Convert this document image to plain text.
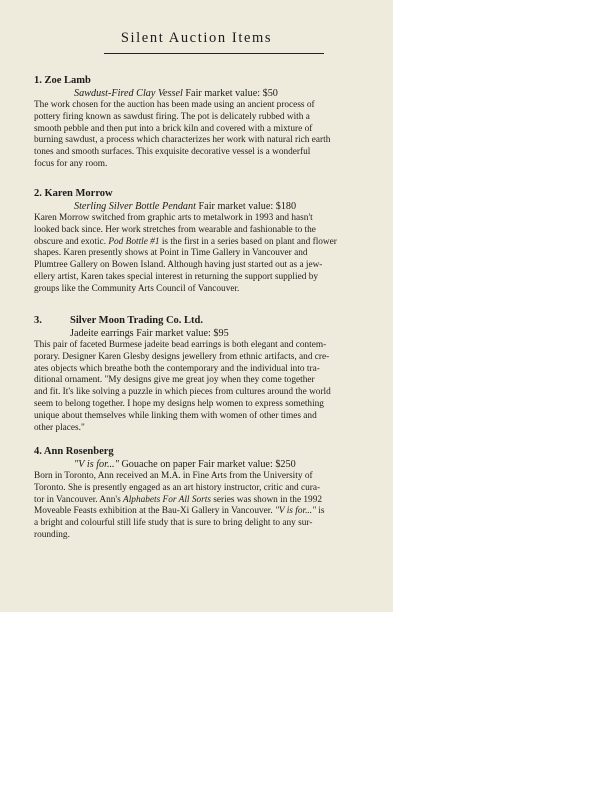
Silent Auction Items
1. Zoe Lamb
Sawdust-Fired Clay Vessel Fair market value: $50

The work chosen for the auction has been made using an ancient process of
pottery firing known as sawdust firing. The pot is delicately rubbed with a
smooth pebble and then put into a brick kiln and covered with a mixture of
burning sawdust, a process which characterizes her work with natural rich earth
tones and smooth surfaces. This exquisite decorative vessel is a wonderful
focus for any room.

2. Karen Morrow
Sterling Silver Bottle Pendant Fair market value: $180

Karen Morrow switched from graphic arts to metalwork in 1993 and hasn't
looked back since. Her work stretches from wearable and fashionable to the
obscure and exotic. Pod Bottle #1 is the first in a series based on plant and flower
shapes. Karen presently shows at Point in Time Gallery in Vancouver and
Plumtree Gallery on Bowen Island. Although having just started out as a jew-
ellery artist, Karen takes special interest in returning the support supplied by
groups like the Community Arts Council of Vancouver.

3.	Silver Moon Trading Co. Ltd.
Jadeite earrings Fair market value: $95

This pair of faceted Burmese jadeite bead earrings is both elegant and contem-
porary. Designer Karen Glesby designs jewellery from ethnic artifacts, and cre-
ates objects which breathe both the contemporary and the individual into tra-
ditional ornament. "My designs give me great joy when they come together
and fit. It's like solving a puzzle in which pieces from cultures around the world
seem to belong together. I hope my designs help women to express something
unique about themselves while linking them with women of other times and
other places."

4. Ann Rosenberg
"V is for..." Gouache on paper Fair market value: $250

Born in Toronto, Ann received an M.A. in Fine Arts from the University of
Toronto. She is presently engaged as an art history instructor, critic and cura-
tor in Vancouver. Ann's Alphabets For All Sorts series was shown in the 1992
Moveable Feasts exhibition at the Bau-Xi Gallery in Vancouver. "V is for..." is
a bright and colourful still life study that is sure to bring delight to any sur-
rounding.
